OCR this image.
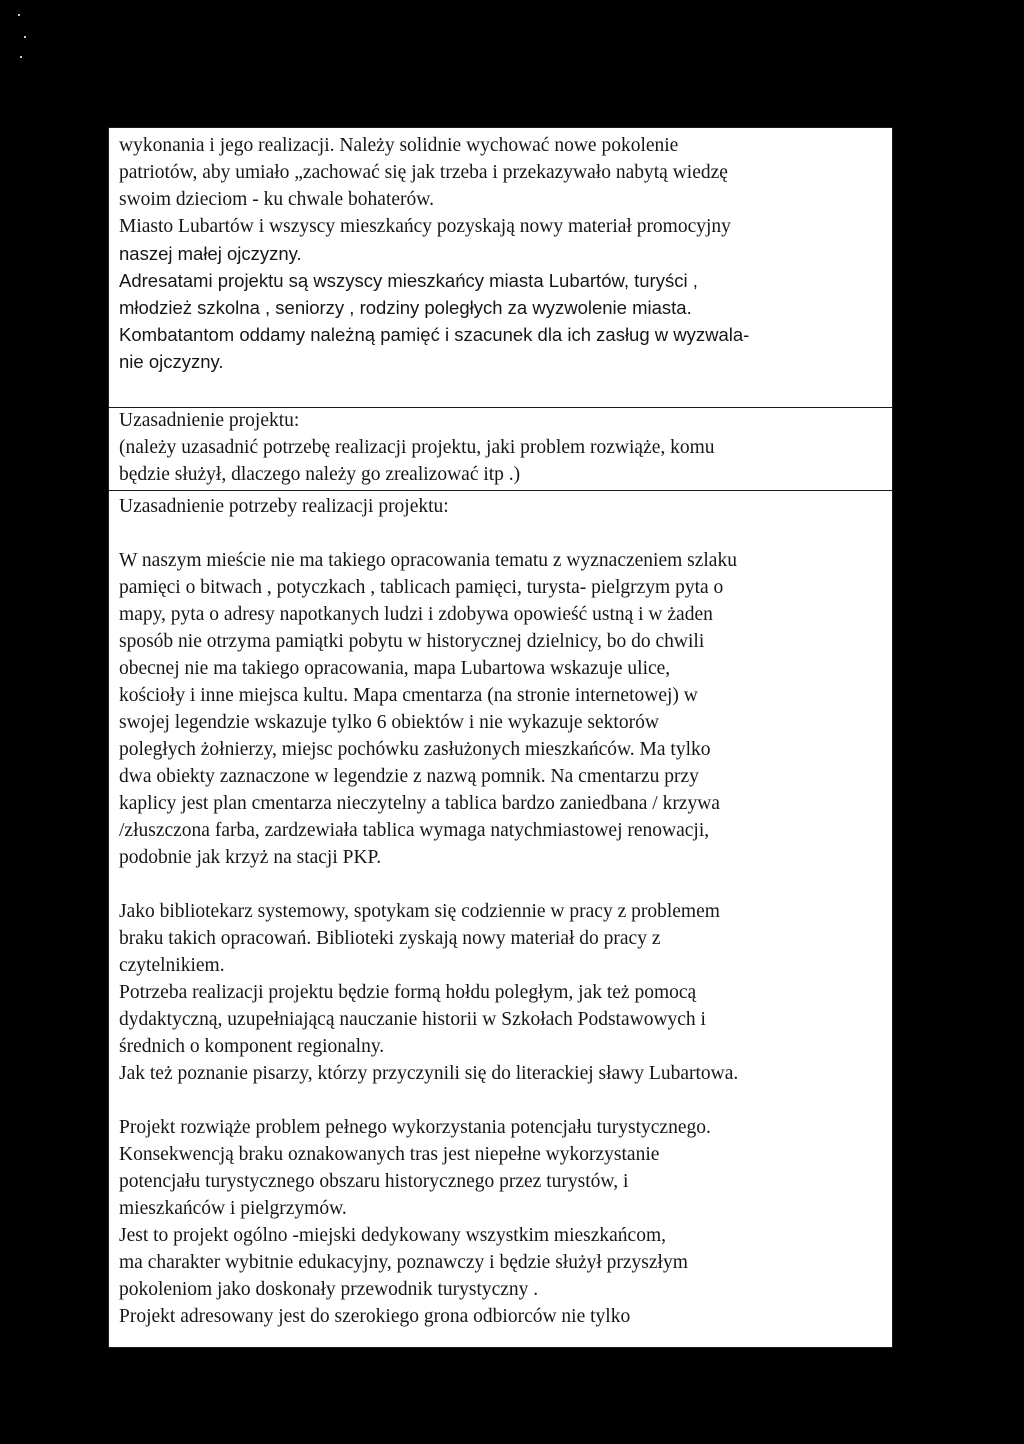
wykonania i jego realizacji. Należy solidnie wychować nowe pokolenie
patriotów, aby umiało „zachować się jak trzeba i przekazywało nabytą wiedzę
swoim dzieciom - ku chwale bohaterów.
Miasto Lubartów i wszyscy mieszkańcy pozyskają nowy materiał promocyjny
naszej małej ojczyzny.
Adresatami projektu są wszyscy mieszkańcy miasta Lubartów, turyści ,
młodzież szkolna , seniorzy , rodziny poległych za wyzwolenie miasta.
Kombatantom oddamy należną pamięć i szacunek dla ich zasług w wyzwala-
nie ojczyzny.
Uzasadnienie projektu:
(należy uzasadnić potrzebę realizacji projektu, jaki problem rozwiąże, komu
będzie służył, dlaczego należy go zrealizować itp .)
Uzasadnienie potrzeby realizacji projektu:
W naszym mieście nie ma takiego opracowania tematu z wyznaczeniem szlaku
pamięci o bitwach , potyczkach , tablicach pamięci, turysta- pielgrzym pyta o
mapy, pyta o adresy napotkanych ludzi i zdobywa opowieść ustną i w żaden
sposób nie otrzyma pamiątki pobytu w historycznej dzielnicy, bo do chwili
obecnej nie ma takiego opracowania, mapa Lubartowa wskazuje ulice,
kościoły i inne miejsca kultu. Mapa cmentarza (na stronie internetowej) w
swojej legendzie wskazuje tylko 6 obiektów i nie wykazuje sektorów
poległych żołnierzy, miejsc pochówku zasłużonych mieszkańców. Ma tylko
dwa obiekty zaznaczone w legendzie z nazwą pomnik. Na cmentarzu przy
kaplicy jest plan cmentarza nieczytelny a tablica bardzo zaniedbana / krzywa
/złuszczona farba, zardzewiała tablica wymaga natychmiastowej renowacji,
podobnie jak krzyż na stacji PKP.
Jako bibliotekarz systemowy, spotykam się codziennie w pracy z problemem
braku takich opracowań. Biblioteki zyskają nowy materiał do pracy z
czytelnikiem.
Potrzeba realizacji projektu będzie formą hołdu poległym, jak też pomocą
dydaktyczną, uzupełniającą nauczanie historii w Szkołach Podstawowych i
średnich o komponent regionalny.
Jak też poznanie pisarzy, którzy przyczynili się do literackiej sławy Lubartowa.
Projekt rozwiąże problem pełnego wykorzystania potencjału turystycznego.
Konsekwencją braku oznakowanych tras jest niepełne wykorzystanie
potencjału turystycznego obszaru historycznego przez turystów, i
mieszkańców i pielgrzymów.
Jest to projekt ogólno -miejski dedykowany wszystkim mieszkańcom,
ma charakter wybitnie edukacyjny, poznawczy i będzie służył przyszłym
pokoleniom jako doskonały przewodnik turystyczny .
Projekt adresowany jest do szerokiego grona odbiorców nie tylko
